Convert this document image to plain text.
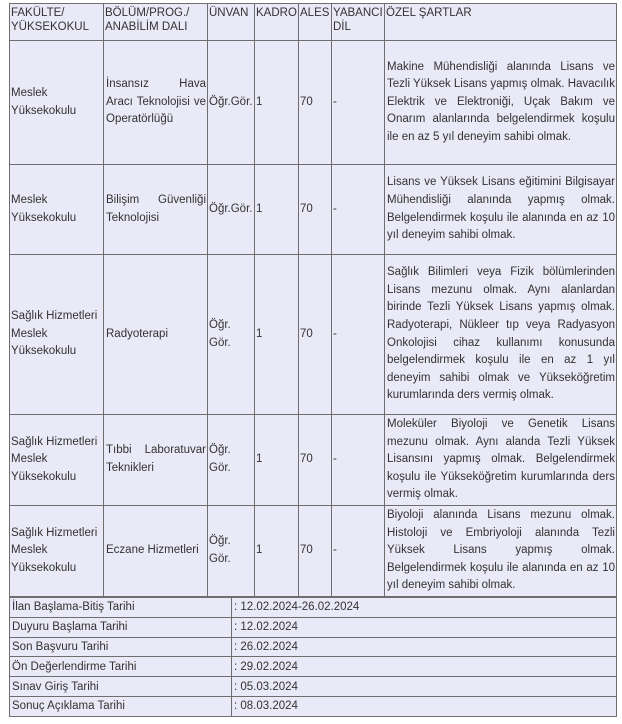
FAKÜLTE/ YÜKSEKOKUL	BÖLÜM/PROG./ ANABİLİM DALI	ÜNVAN	KADRO	ALES	YABANCI DİL	ÖZEL ŞARTLAR
Meslek Yüksekokulu	İnsansız Hava Aracı Teknolojisi ve Operatörlüğü	Öğr.Gör.	1	70	-	Makine Mühendisliği alanında Lisans ve Tezli Yüksek Lisans yapmış olmak. Havacılık Elektrik ve Elektroniği, Uçak Bakım ve Onarım alanlarında belgelendirmek koşulu ile en az 5 yıl deneyim sahibi olmak.
Meslek Yüksekokulu	Bilişim Güvenliği Teknolojisi	Öğr.Gör.	1	70	-	Lisans ve Yüksek Lisans eğitimini Bilgisayar Mühendisliği alanında yapmış olmak. Belgelendirmek koşulu ile alanında en az 10 yıl deneyim sahibi olmak.
Sağlık Hizmetleri Meslek Yüksekokulu	Radyoterapi	Öğr. Gör.	1	70	-	Sağlık Bilimleri veya Fizik bölümlerinden Lisans mezunu olmak. Aynı alanlardan birinde Tezli Yüksek Lisans yapmış olmak. Radyoterapi, Nükleer tıp veya Radyasyon Onkolojisi cihaz kullanımı konusunda belgelendirmek koşulu ile en az 1 yıl deneyim sahibi olmak ve Yükseköğretim kurumlarında ders vermiş olmak.
Sağlık Hizmetleri Meslek Yüksekokulu	Tıbbi Laboratuvar Teknikleri	Öğr. Gör.	1	70	-	Moleküler Biyoloji ve Genetik Lisans mezunu olmak. Aynı alanda Tezli Yüksek Lisansını yapmış olmak. Belgelendirmek koşulu ile Yükseköğretim kurumlarında ders vermiş olmak.
Sağlık Hizmetleri Meslek Yüksekokulu	Eczane Hizmetleri	Öğr. Gör.	1	70	-	Biyoloji alanında Lisans mezunu olmak. Histoloji ve Embriyoloji alanında Tezli Yüksek Lisans yapmış olmak. Belgelendirmek koşulu ile alanında en az 10 yıl deneyim sahibi olmak.
İlan Başlama-Bitiş Tarihi	: 12.02.2024-26.02.2024
Duyuru Başlama Tarihi	: 12.02.2024
Son Başvuru Tarihi	: 26.02.2024
Ön Değerlendirme Tarihi	: 29.02.2024
Sınav Giriş Tarihi	: 05.03.2024
Sonuç Açıklama Tarihi	: 08.03.2024
